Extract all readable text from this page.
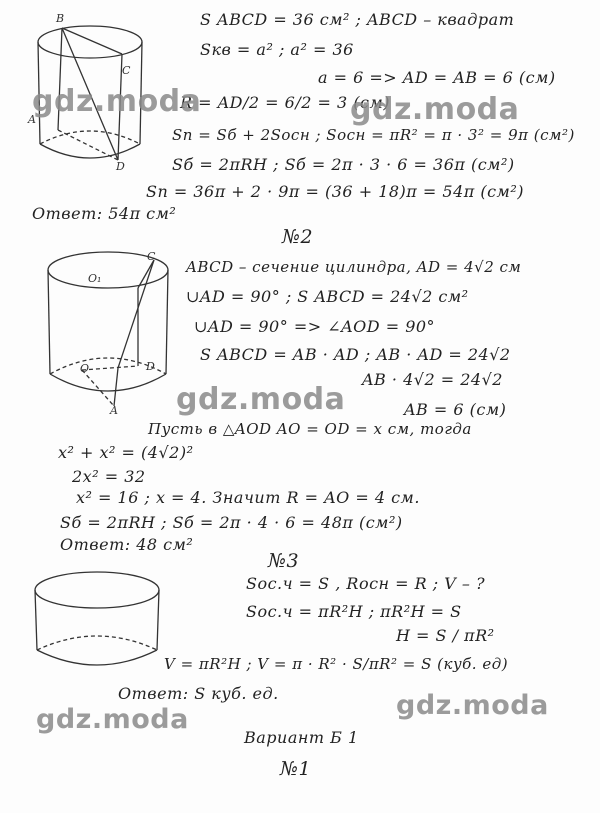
B
C
A
D
S ABCD = 36 см² ; ABCD – квадрат
Sкв = a² ; a² = 36
a = 6 => AD = AB = 6 (см)
R = AD/2 = 6/2 = 3 (см)
Sп = Sб + 2Sосн ; Sосн = πR² = π · 3² = 9π (см²)
Sб = 2πRH ; Sб = 2π · 3 · 6 = 36π (см²)
Sп = 36π + 2 · 9π = (36 + 18)π = 54π (см²)
Ответ: 54π см²
№2
O₁
C
D
O
A
ABCD – сечение цилиндра, AD = 4√2 см
∪AD = 90° ; S ABCD = 24√2 см²
∪AD = 90° => ∠AOD = 90°
S ABCD = AB · AD ; AB · AD = 24√2
AB · 4√2 = 24√2
AB = 6 (см)
Пусть в △AOD AO = OD = x см, тогда
x² + x² = (4√2)²
2x² = 32
x² = 16 ; x = 4. Значит R = AO = 4 см.
Sб = 2πRH ; Sб = 2π · 4 · 6 = 48π (см²)
Ответ: 48 см²
№3
Sос.ч = S , Rосн = R ; V – ?
Sос.ч = πR²H ; πR²H = S
H = S / πR²
V = πR²H ; V = π · R² · S/πR² = S (куб. ед)
Ответ: S куб. ед.
Вариант Б 1
№1
gdz.moda	gdz.moda
gdz.moda
gdz.moda	gdz.moda
